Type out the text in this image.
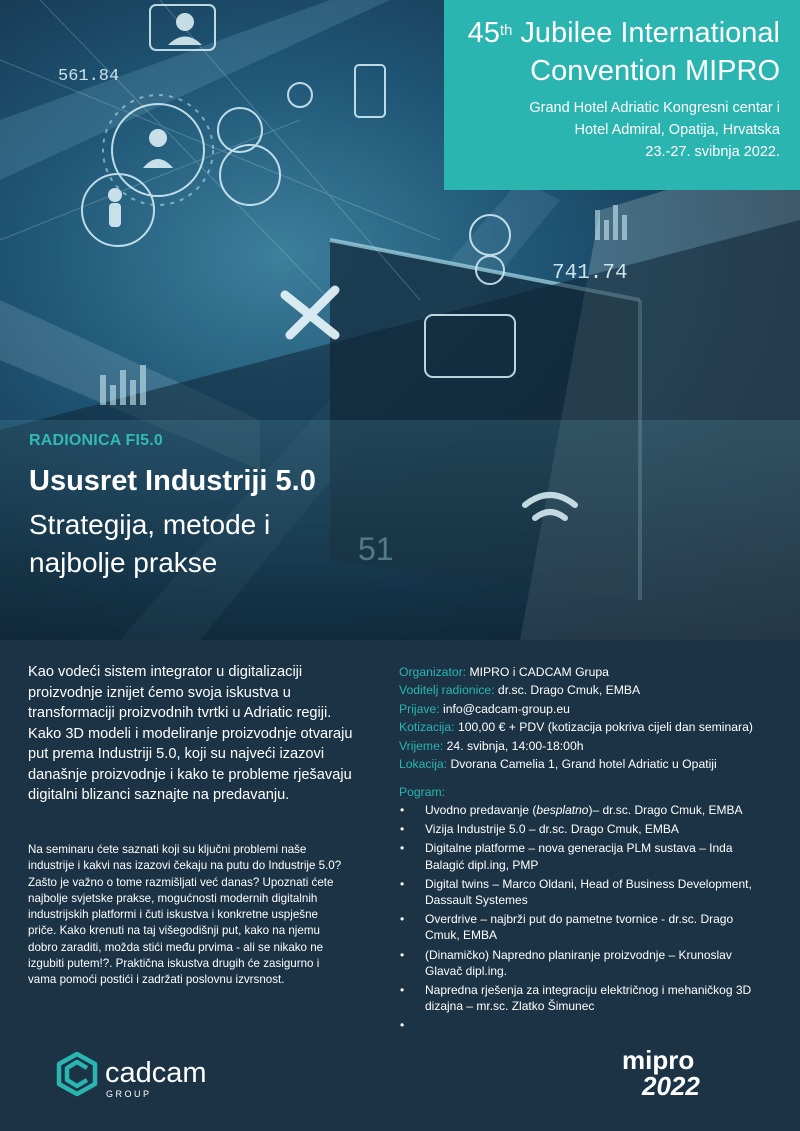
561.84
741.74
51
45th Jubilee International
Convention MIPRO
Grand Hotel Adriatic Kongresni centar i
Hotel Admiral, Opatija, Hrvatska
23.-27. svibnja 2022.
RADIONICA FI5.0
Ususret Industriji 5.0
Strategija, metode i
najbolje prakse
Kao vodeći sistem integrator u digitalizaciji proizvodnje iznijet ćemo svoja iskustva u transformaciji proizvodnih tvrtki u Adriatic regiji. Kako 3D modeli i modeliranje proizvodnje otvaraju put prema Industriji 5.0, koji su najveći izazovi današnje proizvodnje i kako te probleme rješavaju digitalni blizanci saznajte na predavanju.
Na seminaru ćete saznati koji su ključni problemi naše industrije i kakvi nas izazovi čekaju na putu do Industrije 5.0? Zašto je važno o tome razmišljati već danas? Upoznati ćete najbolje svjetske prakse, mogućnosti modernih digitalnih industrijskih platformi i čuti iskustva i konkretne uspješne priče. Kako krenuti na taj višegodišnji put, kako na njemu dobro zaraditi, možda stići među prvima - ali se nikako ne izgubiti putem!?. Praktična iskustva drugih će zasigurno i vama pomoći postići i zadržati poslovnu izvrsnost.
Organizator: MIPRO i CADCAM Grupa
Voditelj radionice: dr.sc. Drago Cmuk, EMBA
Prijave: info@cadcam-group.eu
Kotizacija: 100,00 € + PDV (kotizacija pokriva cijeli dan seminara)
Vrijeme: 24. svibnja, 14:00-18:00h
Lokacija: Dvorana Camelia 1, Grand hotel Adriatic u Opatiji
Pogram:
• Uvodno predavanje (besplatno)– dr.sc. Drago Cmuk, EMBA
• Vizija Industrije 5.0 – dr.sc. Drago Cmuk, EMBA
• Digitalne platforme – nova generacija PLM sustava – Inda Balagić dipl.ing, PMP
• Digital twins – Marco Oldani, Head of Business Development, Dassault Systemes
• Overdrive – najbrži put do pametne tvornice - dr.sc. Drago Cmuk, EMBA
• (Dinamičko) Napredno planiranje proizvodnje – Krunoslav Glavač dipl.ing.
• Napredna rješenja za integraciju električnog i mehaničkog 3D dizajna – mr.sc. Zlatko Šimunec
•
cadcam
GROUP
mipro
2022
